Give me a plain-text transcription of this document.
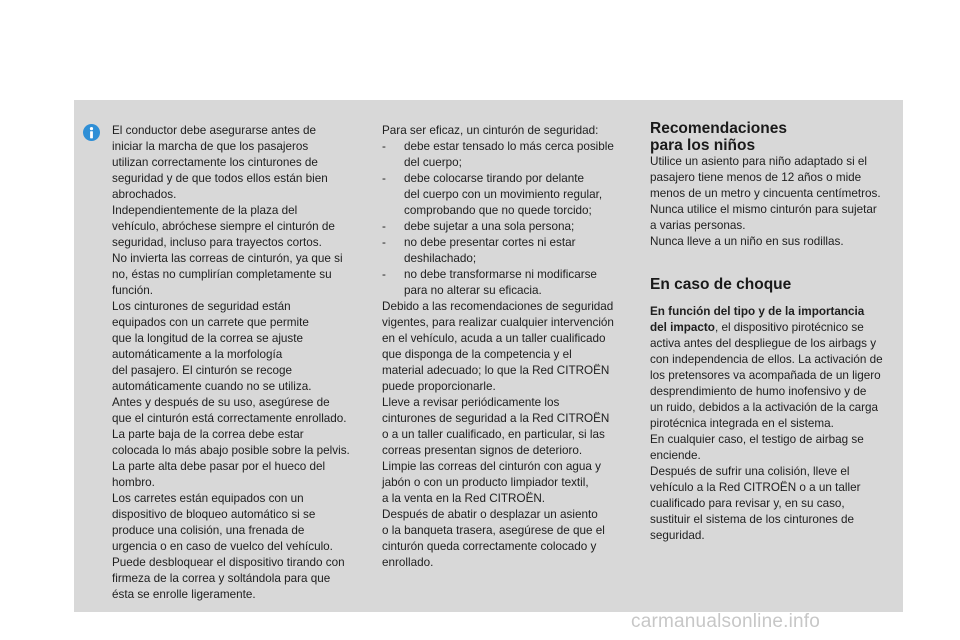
El conductor debe asegurarse antes de

iniciar la marcha de que los pasajeros

utilizan correctamente los cinturones de

seguridad y de que todos ellos están bien

abrochados.

Independientemente de la plaza del

vehículo, abróchese siempre el cinturón de

seguridad, incluso para trayectos cortos.

No invierta las correas de cinturón, ya que si

no, éstas no cumplirían completamente su

función.

Los cinturones de seguridad están

equipados con un carrete que permite

que la longitud de la correa se ajuste

automáticamente a la morfología

del pasajero. El cinturón se recoge

automáticamente cuando no se utiliza.

Antes y después de su uso, asegúrese de

que el cinturón está correctamente enrollado.

La parte baja de la correa debe estar

colocada lo más abajo posible sobre la pelvis.

La parte alta debe pasar por el hueco del

hombro.

Los carretes están equipados con un

dispositivo de bloqueo automático si se

produce una colisión, una frenada de

urgencia o en caso de vuelco del vehículo.

Puede desbloquear el dispositivo tirando con

firmeza de la correa y soltándola para que

ésta se enrolle ligeramente.

Para ser eficaz, un cinturón de seguridad:

- debe estar tensado lo más cerca posible

del cuerpo;

- debe colocarse tirando por delante

del cuerpo con un movimiento regular,

comprobando que no quede torcido;

- debe sujetar a una sola persona;

- no debe presentar cortes ni estar

deshilachado;

- no debe transformarse ni modificarse

para no alterar su eficacia.

Debido a las recomendaciones de seguridad

vigentes, para realizar cualquier intervención

en el vehículo, acuda a un taller cualificado

que disponga de la competencia y el

material adecuado; lo que la Red CITROËN

puede proporcionarle.

Lleve a revisar periódicamente los

cinturones de seguridad a la Red CITROËN

o a un taller cualificado, en particular, si las

correas presentan signos de deterioro.

Limpie las correas del cinturón con agua y

jabón o con un producto limpiador textil,

a la venta en la Red CITROËN.

Después de abatir o desplazar un asiento

o la banqueta trasera, asegúrese de que el

cinturón queda correctamente colocado y

enrollado.

Recomendaciones
para los niños

Utilice un asiento para niño adaptado si el

pasajero tiene menos de 12 años o mide

menos de un metro y cincuenta centímetros.

Nunca utilice el mismo cinturón para sujetar

a varias personas.

Nunca lleve a un niño en sus rodillas.

En caso de choque

En función del tipo y de la importancia

del impacto, el dispositivo pirotécnico se

activa antes del despliegue de los airbags y

con independencia de ellos. La activación de

los pretensores va acompañada de un ligero

desprendimiento de humo inofensivo y de

un ruido, debidos a la activación de la carga

pirotécnica integrada en el sistema.

En cualquier caso, el testigo de airbag se

enciende.

Después de sufrir una colisión, lleve el

vehículo a la Red CITROËN o a un taller

cualificado para revisar y, en su caso,

sustituir el sistema de los cinturones de

seguridad.

carmanualsonline.info
